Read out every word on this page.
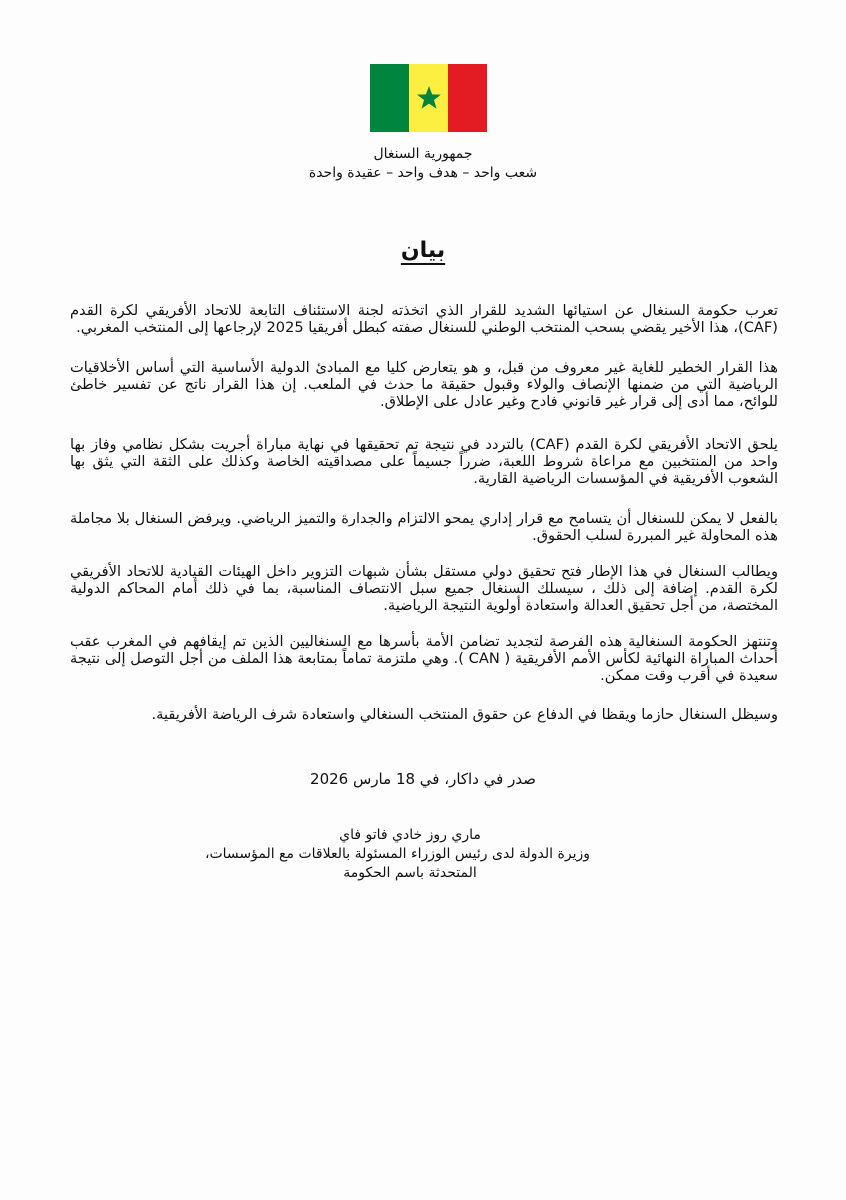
جمهورية السنغال
شعب واحد – هدف واحد – عقيدة واحدة
بيان
تعرب حكومة السنغال عن استيائها الشديد للقرار الذي اتخذته لجنة الاستئناف التابعة للاتحاد الأفريقي لكرة القدم (CAF)، هذا الأخير يقضي بسحب المنتخب الوطني للسنغال صفته كبطل أفريقيا 2025 لإرجاعها إلى المنتخب المغربي.
هذا القرار الخطير للغاية غير معروف من قبل، و هو يتعارض كليا مع المبادئ الدولية الأساسية التي أساس الأخلاقيات الرياضية التي من ضمنها الإنصاف والولاء وقبول حقيقة ما حدث في الملعب. إن هذا القرار ناتج عن تفسير خاطئ للوائح، مما أدى إلى قرار غير قانوني فادح وغير عادل على الإطلاق.
يلحق الاتحاد الأفريقي لكرة القدم (CAF) بالتردد في نتيجة تم تحقيقها في نهاية مباراة أجريت بشكل نظامي وفاز بها واحد من المنتخبين مع مراعاة شروط اللعبة، ضرراً جسيماً على مصداقيته الخاصة وكذلك على الثقة التي يثق بها الشعوب الأفريقية في المؤسسات الرياضية القارية.
بالفعل لا يمكن للسنغال أن يتسامح مع قرار إداري يمحو الالتزام والجدارة والتميز الرياضي. ويرفض السنغال بلا مجاملة هذه المحاولة غير المبررة لسلب الحقوق.
ويطالب السنغال في هذا الإطار فتح تحقيق دولي مستقل بشأن شبهات التزوير داخل الهيئات القيادية للاتحاد الأفريقي لكرة القدم. إضافة إلى ذلك ، سيسلك السنغال جميع سبل الانتصاف المناسبة، بما في ذلك أمام المحاكم الدولية المختصة، من أجل تحقيق العدالة واستعادة أولوية النتيجة الرياضية.
وتنتهز الحكومة السنغالية هذه الفرصة لتجديد تضامن الأمة بأسرها مع السنغاليين الذين تم إيقافهم في المغرب عقب أحداث المباراة النهائية لكأس الأمم الأفريقية ( CAN ). وهي ملتزمة تماماً بمتابعة هذا الملف من أجل التوصل إلى نتيجة سعيدة في أقرب وقت ممكن.
وسيظل السنغال حازما ويقظا في الدفاع عن حقوق المنتخب السنغالي واستعادة شرف الرياضة الأفريقية.
صدر في داكار، في 18 مارس 2026
ماري روز خادي فاتو فاي
وزيرة الدولة لدى رئيس الوزراء المسئولة بالعلاقات مع المؤسسات،
المتحدثة باسم الحكومة
